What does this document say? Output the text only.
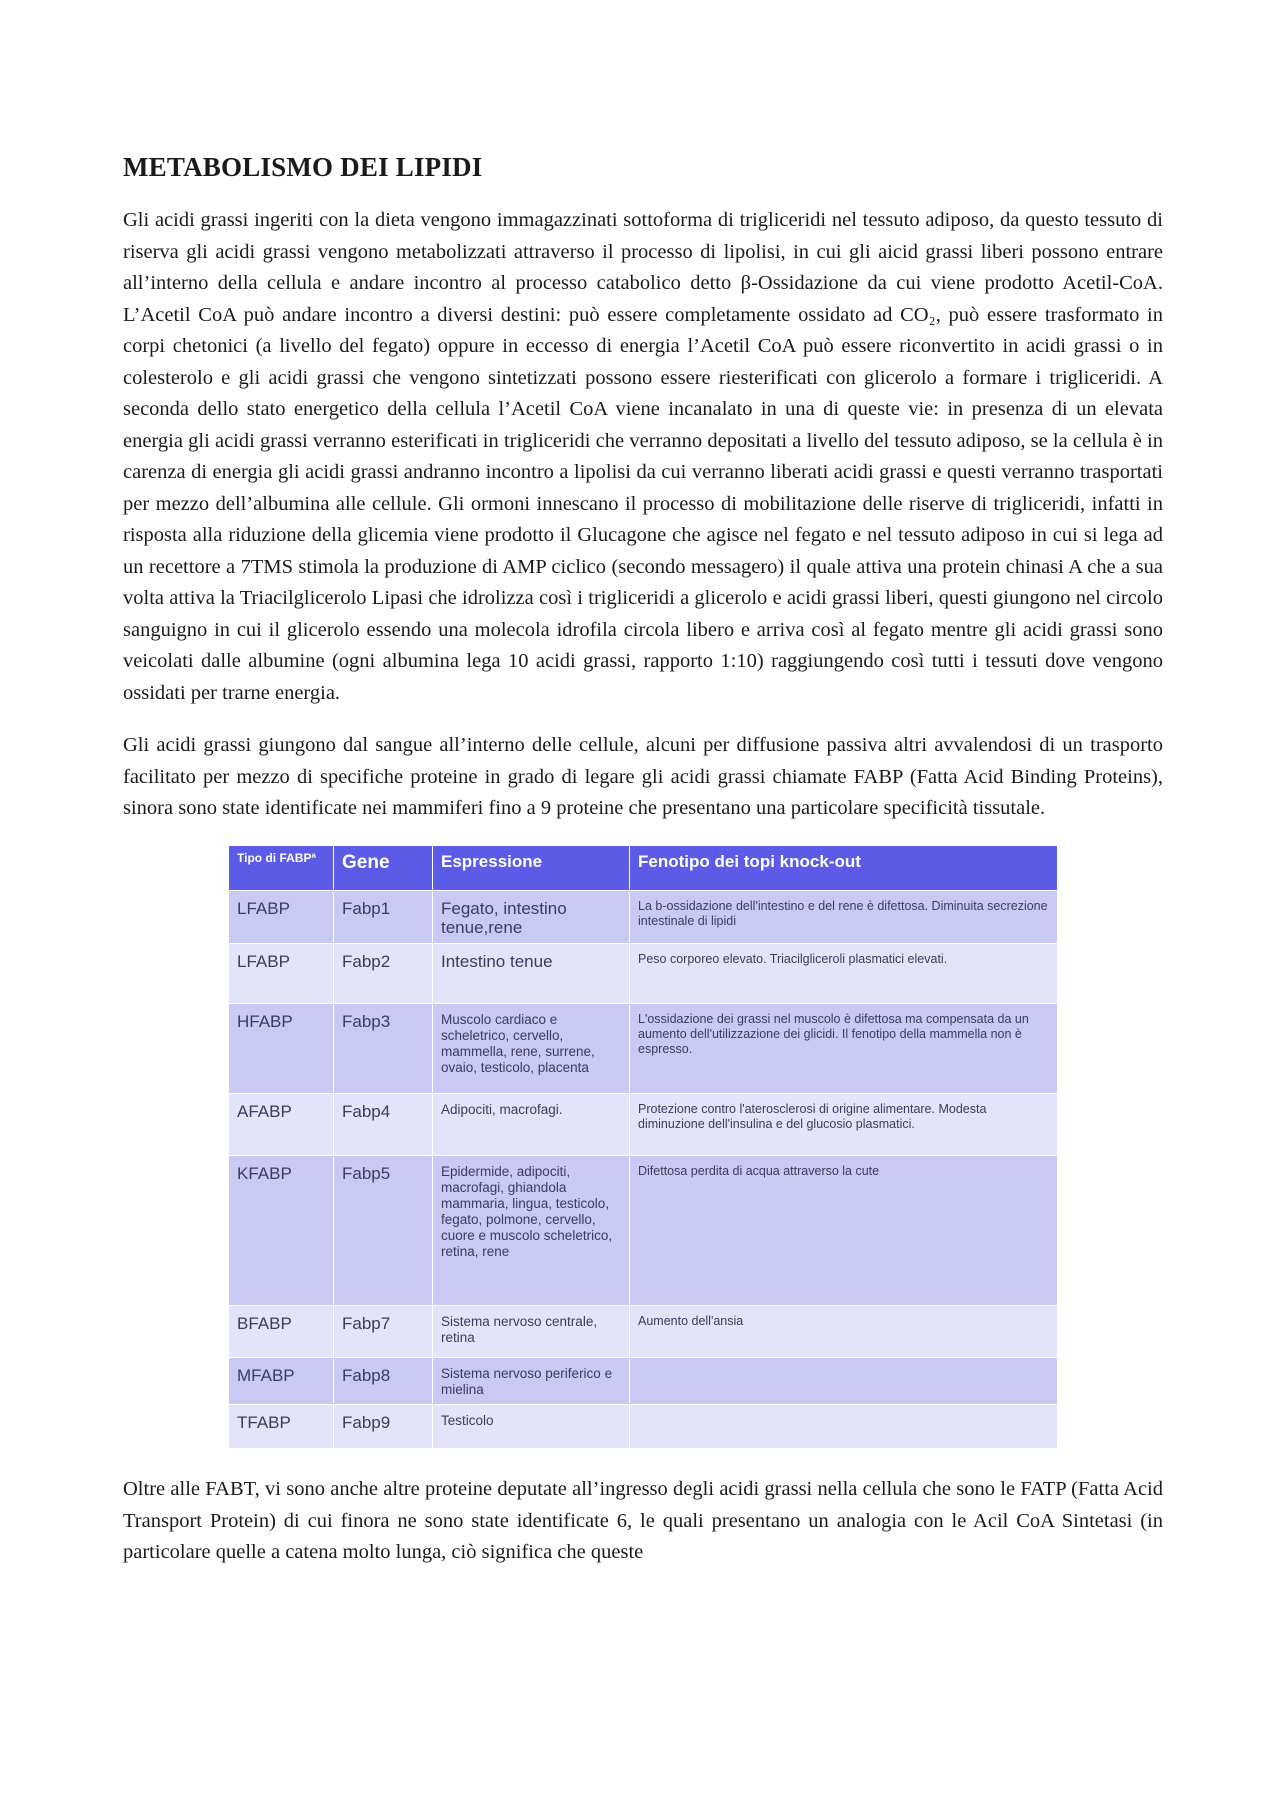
METABOLISMO DEI LIPIDI

Gli acidi grassi ingeriti con la dieta vengono immagazzinati sottoforma di trigliceridi nel tessuto adiposo, da questo tessuto di riserva gli acidi grassi vengono metabolizzati attraverso il processo di lipolisi, in cui gli aicid grassi liberi possono entrare all’interno della cellula e andare incontro al processo catabolico detto β-Ossidazione da cui viene prodotto Acetil-CoA. L’Acetil CoA può andare incontro a diversi destini: può essere completamente ossidato ad CO₂, può essere trasformato in corpi chetonici (a livello del fegato) oppure in eccesso di energia l’Acetil CoA può essere riconvertito in acidi grassi o in colesterolo e gli acidi grassi che vengono sintetizzati possono essere riesterificati con glicerolo a formare i trigliceridi. A seconda dello stato energetico della cellula l’Acetil CoA viene incanalato in una di queste vie: in presenza di un elevata energia gli acidi grassi verranno esterificati in trigliceridi che verranno depositati a livello del tessuto adiposo, se la cellula è in carenza di energia gli acidi grassi andranno incontro a lipolisi da cui verranno liberati acidi grassi e questi verranno trasportati per mezzo dell’albumina alle cellule. Gli ormoni innescano il processo di mobilitazione delle riserve di trigliceridi, infatti in risposta alla riduzione della glicemia viene prodotto il Glucagone che agisce nel fegato e nel tessuto adiposo in cui si lega ad un recettore a 7TMS stimola la produzione di AMP ciclico (secondo messagero) il quale attiva una protein chinasi A che a sua volta attiva la Triacilglicerolo Lipasi che idrolizza così i trigliceridi a glicerolo e acidi grassi liberi, questi giungono nel circolo sanguigno in cui il glicerolo essendo una molecola idrofila circola libero e arriva così al fegato mentre gli acidi grassi sono veicolati dalle albumine (ogni albumina lega 10 acidi grassi, rapporto 1:10) raggiungendo così tutti i tessuti dove vengono ossidati per trarne energia.

Gli acidi grassi giungono dal sangue all’interno delle cellule, alcuni per diffusione passiva altri avvalendosi di un trasporto facilitato per mezzo di specifiche proteine in grado di legare gli acidi grassi chiamate FABP (Fatta Acid Binding Proteins), sinora sono state identificate nei mammiferi fino a 9 proteine che presentano una particolare specificità tissutale.

Tipo di FABPª	Gene	Espressione	Fenotipo dei topi knock-out
LFABP	Fabp1	Fegato, intestino tenue,rene	La b-ossidazione dell'intestino e del rene è difettosa. Diminuita secrezione intestinale di lipidi
LFABP	Fabp2	Intestino tenue	Peso corporeo elevato. Triacilgliceroli plasmatici elevati.
HFABP	Fabp3	Muscolo cardiaco e scheletrico, cervello, mammella, rene, surrene, ovaio, testicolo, placenta	L'ossidazione dei grassi nel muscolo è difettosa ma compensata da un aumento dell'utilizzazione dei glicidi. Il fenotipo della mammella non è espresso.
AFABP	Fabp4	Adipociti, macrofagi.	Protezione contro l'aterosclerosi di origine alimentare. Modesta diminuzione dell'insulina e del glucosio plasmatici.
KFABP	Fabp5	Epidermide, adipociti, macrofagi, ghiandola mammaria, lingua, testicolo, fegato, polmone, cervello, cuore e muscolo scheletrico, retina, rene	Difettosa perdita di acqua attraverso la cute
BFABP	Fabp7	Sistema nervoso centrale, retina	Aumento dell'ansia
MFABP	Fabp8	Sistema nervoso periferico e mielina	
TFABP	Fabp9	Testicolo	

Oltre alle FABT, vi sono anche altre proteine deputate all’ingresso degli acidi grassi nella cellula che sono le FATP (Fatta Acid Transport Protein) di cui finora ne sono state identificate 6, le quali presentano un analogia con le Acil CoA Sintetasi (in particolare quelle a catena molto lunga, ciò significa che queste
